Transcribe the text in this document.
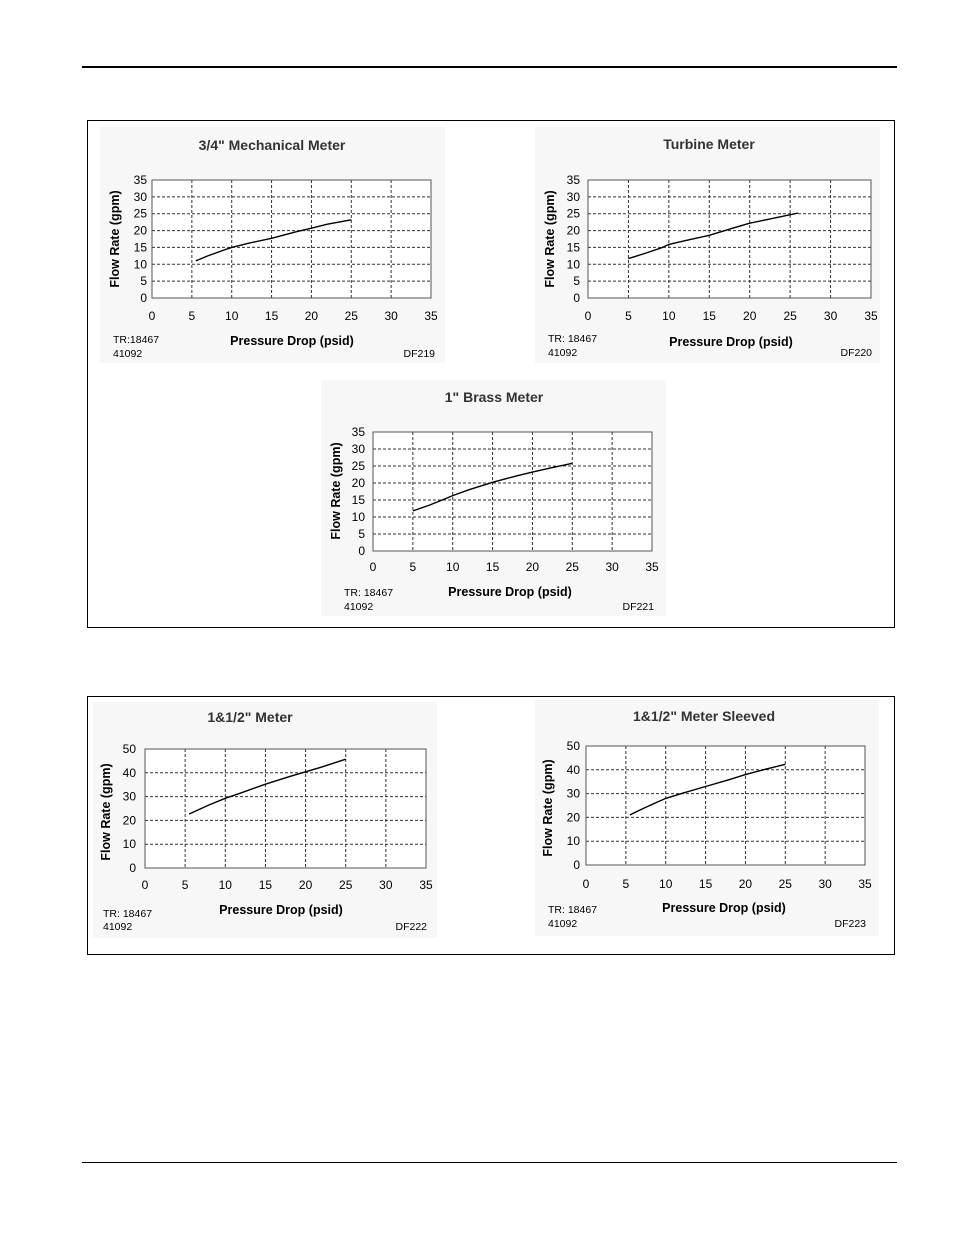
0	5 10 15 20 25 30 35
0
5
10
15
20
25
30
35
3/4" Mechanical Meter
Pressure Drop (psid)
Flow Rate (gpm)
TR:18467
41092	DF219
0	5	10 15 20 25 30 35
0
5
10
15
20
25
30
35
Turbine Meter
Pressure Drop (psid)
Flow Rate (gpm)
TR: 18467
41092	DF220
0	5 10 15 20 25 30 35
0
5
10
15
20
25
30
35
1" Brass Meter
Pressure Drop (psid)
Flow Rate (gpm)
TR: 18467
41092	DF221
0	5	10 15 20 25 30 35
0
10
20
30
40
50
1&1/2" Meter
Pressure Drop (psid)
Flow Rate (gpm)
TR: 18467
41092	DF222
0	5 10 15 20 25 30 35
0
10
20
30
40
50
1&1/2" Meter Sleeved
Pressure Drop (psid)
Flow Rate (gpm)
TR: 18467
41092	DF223
